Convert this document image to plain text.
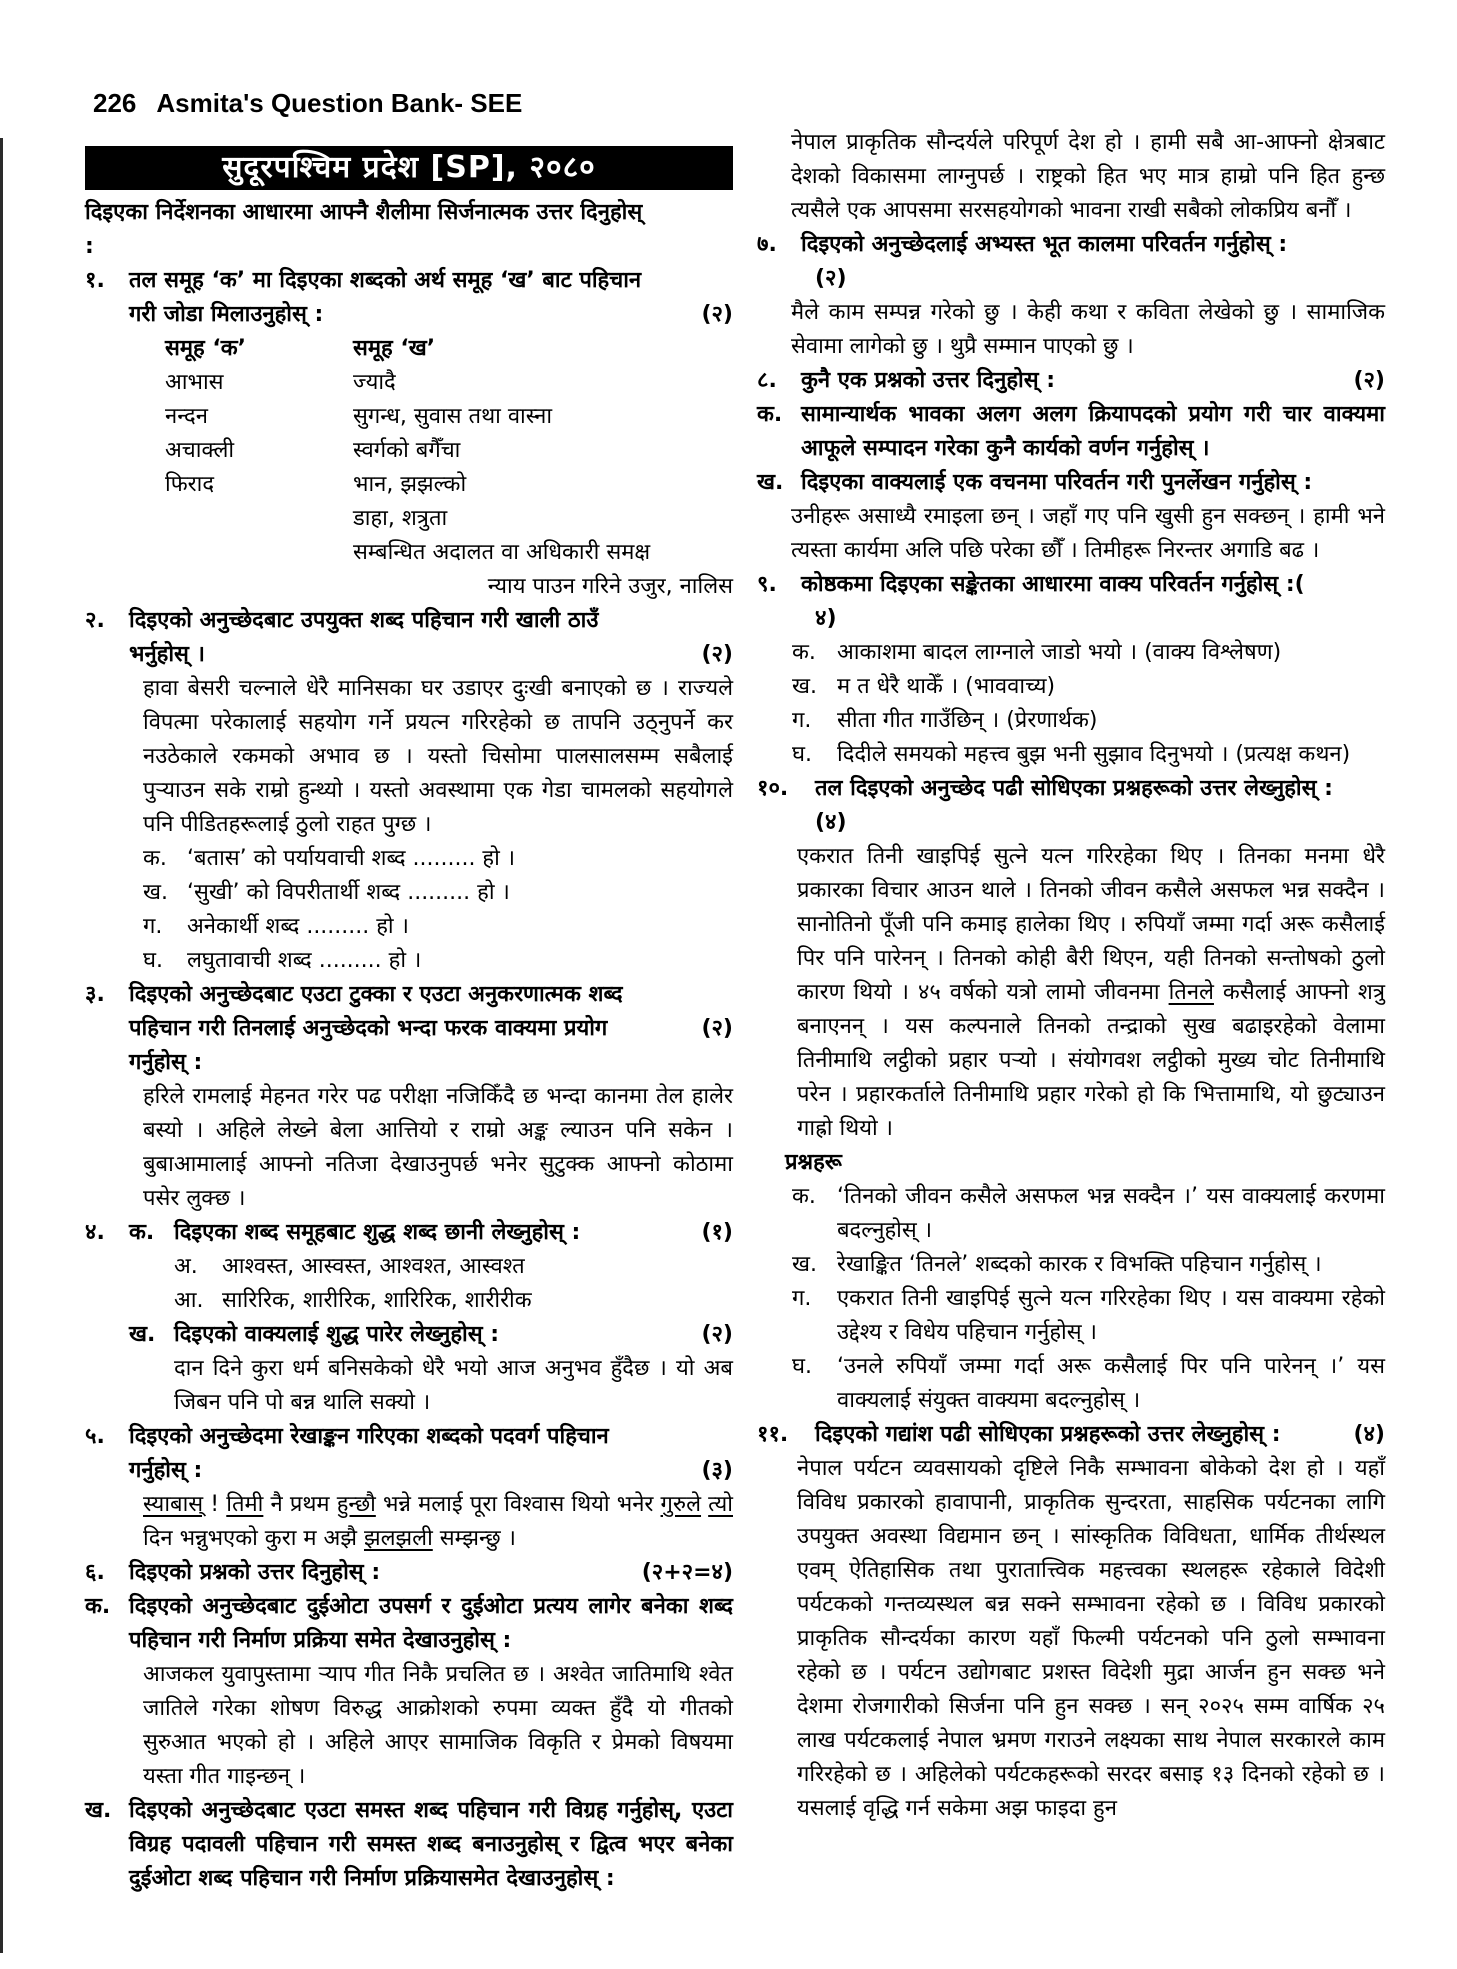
226 Asmita's Question Bank- SEE
सुदूरपश्चिम प्रदेश [SP], २०८०
दिइएका निर्देशनका आधारमा आफ्नै शैलीमा सिर्जनात्मक उत्तर दिनुहोस्
:
१.	तल समूह ‘क’ मा दिइएका शब्दको अर्थ समूह ‘ख’ बाट पहिचान
गरी जोडा मिलाउनुहोस् :	(२)
समूह ‘क’	समूह ‘ख’
आभास	ज्यादै
नन्दन	सुगन्ध, सुवास तथा वास्ना
अचाक्ली	स्वर्गको बगैँचा
फिराद	भान, झझल्को
डाहा, शत्रुता
सम्बन्धित अदालत वा अधिकारी समक्ष
न्याय पाउन गरिने उजुर, नालिस
२.	दिइएको अनुच्छेदबाट उपयुक्त शब्द पहिचान गरी खाली ठाउँ
भर्नुहोस् ।	(२)
हावा बेसरी चल्नाले धेरै मानिसका घर उडाएर दुःखी बनाएको छ । राज्यले विपत्मा परेकालाई सहयोग गर्ने प्रयत्न गरिरहेको छ तापनि उठ्नुपर्ने कर नउठेकाले रकमको अभाव छ । यस्तो चिसोमा पालसालसम्म सबैलाई पुऱ्याउन सके राम्रो हुन्थ्यो । यस्तो अवस्थामा एक गेडा चामलको सहयोगले पनि पीडितहरूलाई ठुलो राहत पुग्छ ।
क. ‘बतास’ को पर्यायवाची शब्द ......... हो ।
ख. ‘सुखी’ को विपरीतार्थी शब्द ......... हो ।
ग.	अनेकार्थी शब्द ......... हो ।
घ.	लघुतावाची शब्द ......... हो ।
३.	दिइएको अनुच्छेदबाट एउटा टुक्का र एउटा अनुकरणात्मक शब्द
पहिचान गरी तिनलाई अनुच्छेदको भन्दा फरक वाक्यमा प्रयोग	(२)
गर्नुहोस् :
हरिले रामलाई मेहनत गरेर पढ परीक्षा नजिकिँदै छ भन्दा कानमा तेल हालेर बस्यो । अहिले लेख्ने बेला आत्तियो र राम्रो अङ्क ल्याउन पनि सकेन । बुबाआमालाई आफ्नो नतिजा देखाउनुपर्छ भनेर सुटुक्क आफ्नो कोठामा पसेर लुक्छ ।
४.	क. दिइएका शब्द समूहबाट शुद्ध शब्द छानी लेख्नुहोस् :	(१)
अ.	आश्वस्त, आस्वस्त, आश्वश्त, आस्वश्त
आ. सारिरिक, शारीरिक, शारिरिक, शारीरीक
ख. दिइएको वाक्यलाई शुद्ध पारेर लेख्नुहोस् :	(२)
दान दिने कुरा धर्म बनिसकेको धेरै भयो आज अनुभव हुँदैछ । यो अब जिबन पनि पो बन्न थालि सक्यो ।
५.	दिइएको अनुच्छेदमा रेखाङ्कन गरिएका शब्दको पदवर्ग पहिचान
गर्नुहोस् :	(३)
स्याबास् ! तिमी नै प्रथम हुन्छौ भन्ने मलाई पूरा विश्वास थियो भनेर गुरुले त्यो दिन भन्नुभएको कुरा म अझै झलझली सम्झन्छु ।
६.	दिइएको प्रश्नको उत्तर दिनुहोस् :	(२+२=४)
क. दिइएको अनुच्छेदबाट दुईओटा उपसर्ग र दुईओटा प्रत्यय लागेर बनेका शब्द पहिचान गरी निर्माण प्रक्रिया समेत देखाउनुहोस् :
आजकल युवापुस्तामा ऱ्याप गीत निकै प्रचलित छ । अश्वेत जातिमाथि श्वेत जातिले गरेका शोषण विरुद्ध आक्रोशको रुपमा व्यक्त हुँदै यो गीतको सुरुआत भएको हो । अहिले आएर सामाजिक विकृति र प्रेमको विषयमा यस्ता गीत गाइन्छन् ।
ख. दिइएको अनुच्छेदबाट एउटा समस्त शब्द पहिचान गरी विग्रह गर्नुहोस्, एउटा विग्रह पदावली पहिचान गरी समस्त शब्द बनाउनुहोस् र द्वित्व भएर बनेका दुईओटा शब्द पहिचान गरी निर्माण प्रक्रियासमेत देखाउनुहोस् :
नेपाल प्राकृतिक सौन्दर्यले परिपूर्ण देश हो । हामी सबै आ-आफ्नो क्षेत्रबाट देशको विकासमा लाग्नुपर्छ । राष्ट्रको हित भए मात्र हाम्रो पनि हित हुन्छ त्यसैले एक आपसमा सरसहयोगको भावना राखी सबैको लोकप्रिय बनौँ ।
७.	दिइएको अनुच्छेदलाई अभ्यस्त भूत कालमा परिवर्तन गर्नुहोस् :
(२)
मैले काम सम्पन्न गरेको छु । केही कथा र कविता लेखेको छु । सामाजिक सेवामा लागेको छु । थुप्रै सम्मान पाएको छु ।
८.	कुनै एक प्रश्नको उत्तर दिनुहोस् :	(२)
क. सामान्यार्थक भावका अलग अलग क्रियापदको प्रयोग गरी चार वाक्यमा आफूले सम्पादन गरेका कुनै कार्यको वर्णन गर्नुहोस् ।
ख. दिइएका वाक्यलाई एक वचनमा परिवर्तन गरी पुनर्लेखन गर्नुहोस् :
उनीहरू असाध्यै रमाइला छन् । जहाँ गए पनि खुसी हुन सक्छन् । हामी भने त्यस्ता कार्यमा अलि पछि परेका छौँ । तिमीहरू निरन्तर अगाडि बढ ।
९.	कोष्ठकमा दिइएका सङ्केतका आधारमा वाक्य परिवर्तन गर्नुहोस् :(
४)
क. आकाशमा बादल लाग्नाले जाडो भयो । (वाक्य विश्लेषण)
ख. म त धेरै थाकेँ । (भाववाच्य)
ग.	सीता गीत गाउँछिन् । (प्रेरणार्थक)
घ.	दिदीले समयको महत्त्व बुझ भनी सुझाव दिनुभयो । (प्रत्यक्ष कथन)
१०.	तल दिइएको अनुच्छेद पढी सोधिएका प्रश्नहरूको उत्तर लेख्नुहोस् :
(४)
एकरात तिनी खाइपिई सुत्ने यत्न गरिरहेका थिए । तिनका मनमा धेरै प्रकारका विचार आउन थाले । तिनको जीवन कसैले असफल भन्न सक्दैन । सानोतिनो पूँजी पनि कमाइ हालेका थिए । रुपियाँ जम्मा गर्दा अरू कसैलाई पिर पनि पारेनन् । तिनको कोही बैरी थिएन, यही तिनको सन्तोषको ठुलो कारण थियो । ४५ वर्षको यत्रो लामो जीवनमा तिनले कसैलाई आफ्नो शत्रु बनाएनन् । यस कल्पनाले तिनको तन्द्राको सुख बढाइरहेको वेलामा तिनीमाथि लट्ठीको प्रहार पऱ्यो । संयोगवश लट्ठीको मुख्य चोट तिनीमाथि परेन । प्रहारकर्ताले तिनीमाथि प्रहार गरेको हो कि भित्तामाथि, यो छुट्याउन गाह्रो थियो ।
प्रश्नहरू
क. ‘तिनको जीवन कसैले असफल भन्न सक्दैन ।’ यस वाक्यलाई करणमा बदल्नुहोस् ।
ख. रेखाङ्कित ‘तिनले’ शब्दको कारक र विभक्ति पहिचान गर्नुहोस् ।
ग.	एकरात तिनी खाइपिई सुत्ने यत्न गरिरहेका थिए । यस वाक्यमा रहेको उद्देश्य र विधेय पहिचान गर्नुहोस् ।
घ.	‘उनले रुपियाँ जम्मा गर्दा अरू कसैलाई पिर पनि पारेनन् ।’ यस वाक्यलाई संयुक्त वाक्यमा बदल्नुहोस् ।
११.	दिइएको गद्यांश पढी सोधिएका प्रश्नहरूको उत्तर लेख्नुहोस् :	(४)
नेपाल पर्यटन व्यवसायको दृष्टिले निकै सम्भावना बोकेको देश हो । यहाँ विविध प्रकारको हावापानी, प्राकृतिक सुन्दरता, साहसिक पर्यटनका लागि उपयुक्त अवस्था विद्यमान छन् । सांस्कृतिक विविधता, धार्मिक तीर्थस्थल एवम् ऐतिहासिक तथा पुरातात्त्विक महत्त्वका स्थलहरू रहेकाले विदेशी पर्यटकको गन्तव्यस्थल बन्न सक्ने सम्भावना रहेको छ । विविध प्रकारको प्राकृतिक सौन्दर्यका कारण यहाँ फिल्मी पर्यटनको पनि ठुलो सम्भावना रहेको छ । पर्यटन उद्योगबाट प्रशस्त विदेशी मुद्रा आर्जन हुन सक्छ भने देशमा रोजगारीको सिर्जना पनि हुन सक्छ । सन् २०२५ सम्म वार्षिक २५ लाख पर्यटकलाई नेपाल भ्रमण गराउने लक्ष्यका साथ नेपाल सरकारले काम गरिरहेको छ । अहिलेको पर्यटकहरूको सरदर बसाइ १३ दिनको रहेको छ । यसलाई वृद्धि गर्न सकेमा अझ फाइदा हुन
